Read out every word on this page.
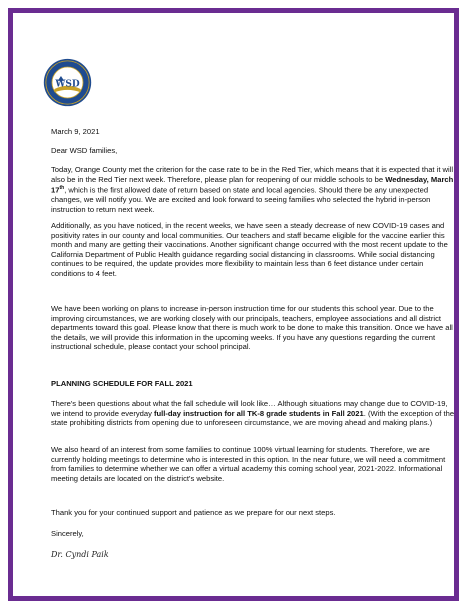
WSD
March 9, 2021
Dear WSD families,
Today, Orange County met the criterion for the case rate to be in the Red Tier, which means that it is expected that it will also be in the Red Tier next week. Therefore, please plan for reopening of our middle schools to be Wednesday, March 17th, which is the first allowed date of return based on state and local agencies. Should there be any unexpected changes, we will notify you. We are excited and look forward to seeing families who selected the hybrid in-person instruction to return next week.
Additionally, as you have noticed, in the recent weeks, we have seen a steady decrease of new COVID-19 cases and positivity rates in our county and local communities. Our teachers and staff became eligible for the vaccine earlier this month and many are getting their vaccinations. Another significant change occurred with the most recent update to the California Department of Public Health guidance regarding social distancing in classrooms. While social distancing continues to be required, the update provides more flexibility to maintain less than 6 feet distance under certain conditions to 4 feet.
We have been working on plans to increase in-person instruction time for our students this school year. Due to the improving circumstances, we are working closely with our principals, teachers, employee associations and all district departments toward this goal. Please know that there is much work to be done to make this transition. Once we have all the details, we will provide this information in the upcoming weeks. If you have any questions regarding the current instructional schedule, please contact your school principal.
PLANNING SCHEDULE FOR FALL 2021
There's been questions about what the fall schedule will look like… Although situations may change due to COVID-19, we intend to provide everyday full-day instruction for all TK-8 grade students in Fall 2021. (With the exception of the state prohibiting districts from opening due to unforeseen circumstance, we are moving ahead and making plans.)
We also heard of an interest from some families to continue 100% virtual learning for students. Therefore, we are currently holding meetings to determine who is interested in this option. In the near future, we will need a commitment from families to determine whether we can offer a virtual academy this coming school year, 2021-2022. Informational meeting details are located on the district's website.
Thank you for your continued support and patience as we prepare for our next steps.
Sincerely,
Dr. Cyndi Paik
